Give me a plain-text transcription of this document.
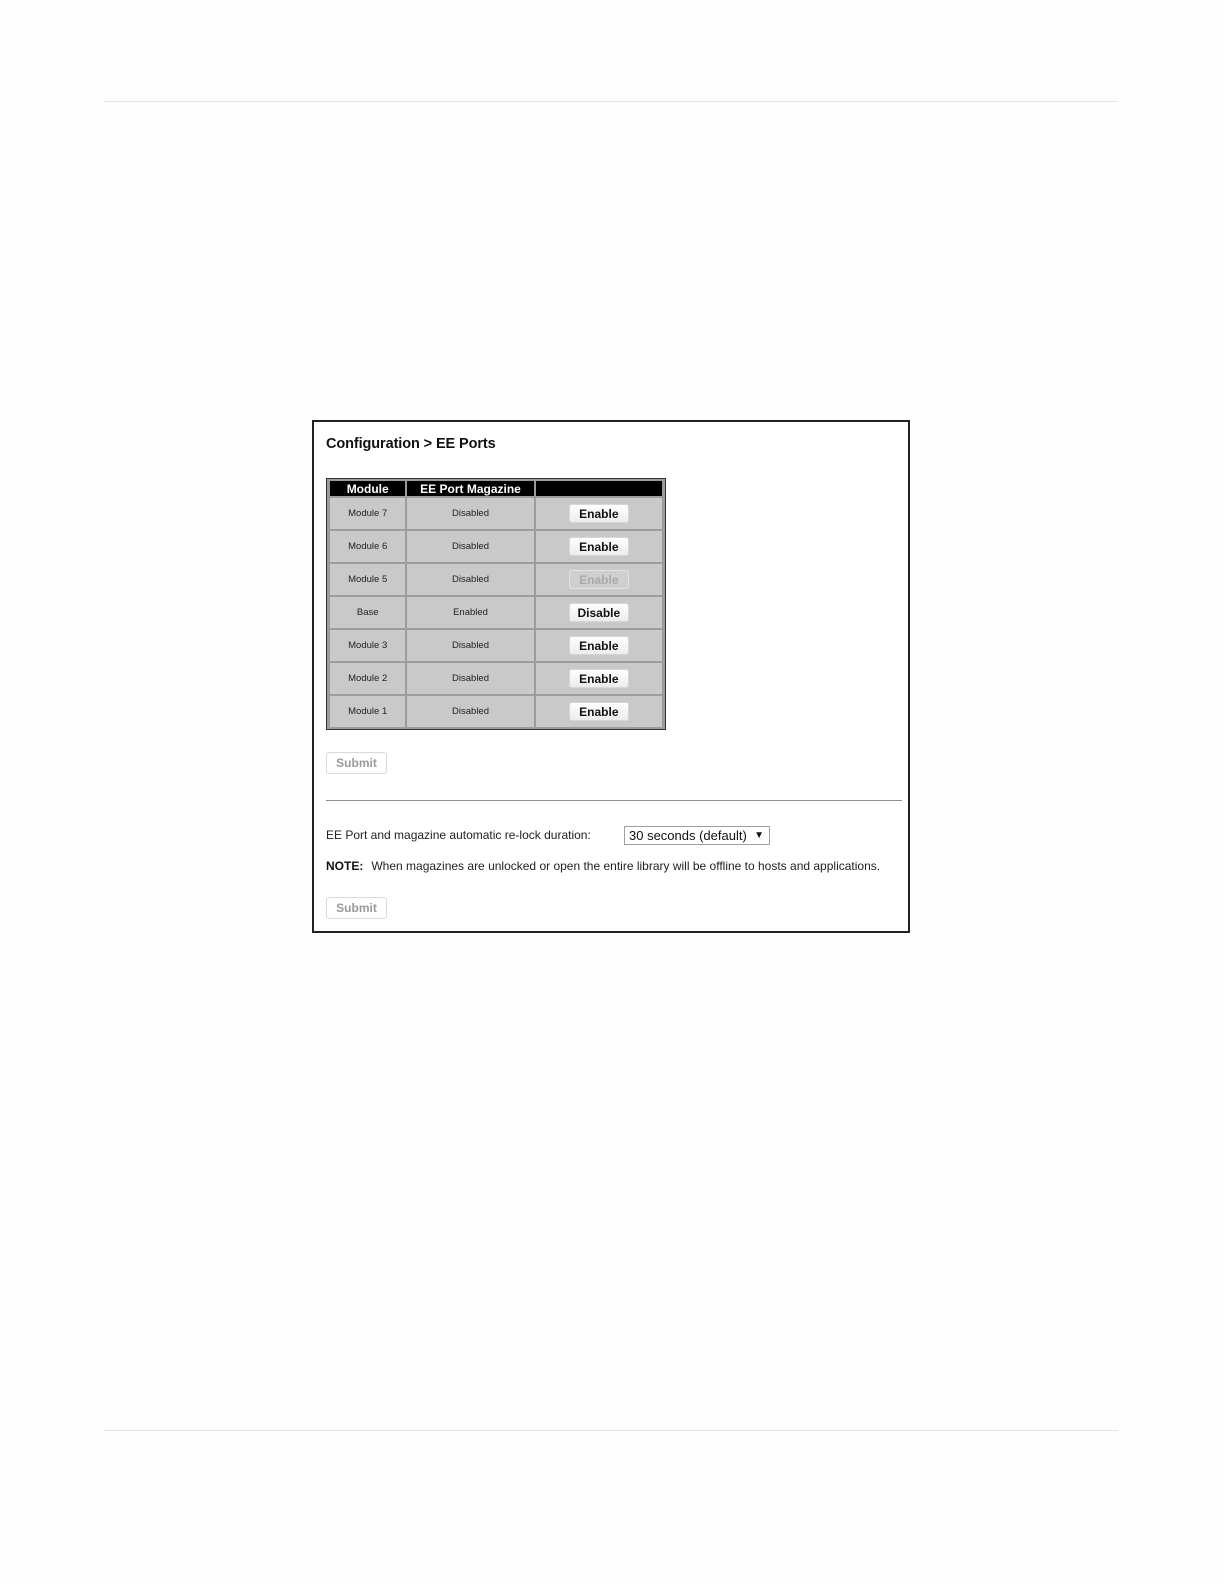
Configuration > EE Ports
Module	EE Port Magazine	
Module 7	Disabled	Enable
Module 6	Disabled	Enable
Module 5	Disabled	Enable
Base	Enabled	Disable
Module 3	Disabled	Enable
Module 2	Disabled	Enable
Module 1	Disabled	Enable
Submit
EE Port and magazine automatic re-lock duration:	30 seconds (default) ▼
NOTE: When magazines are unlocked or open the entire library will be offline to hosts and applications.
Submit
